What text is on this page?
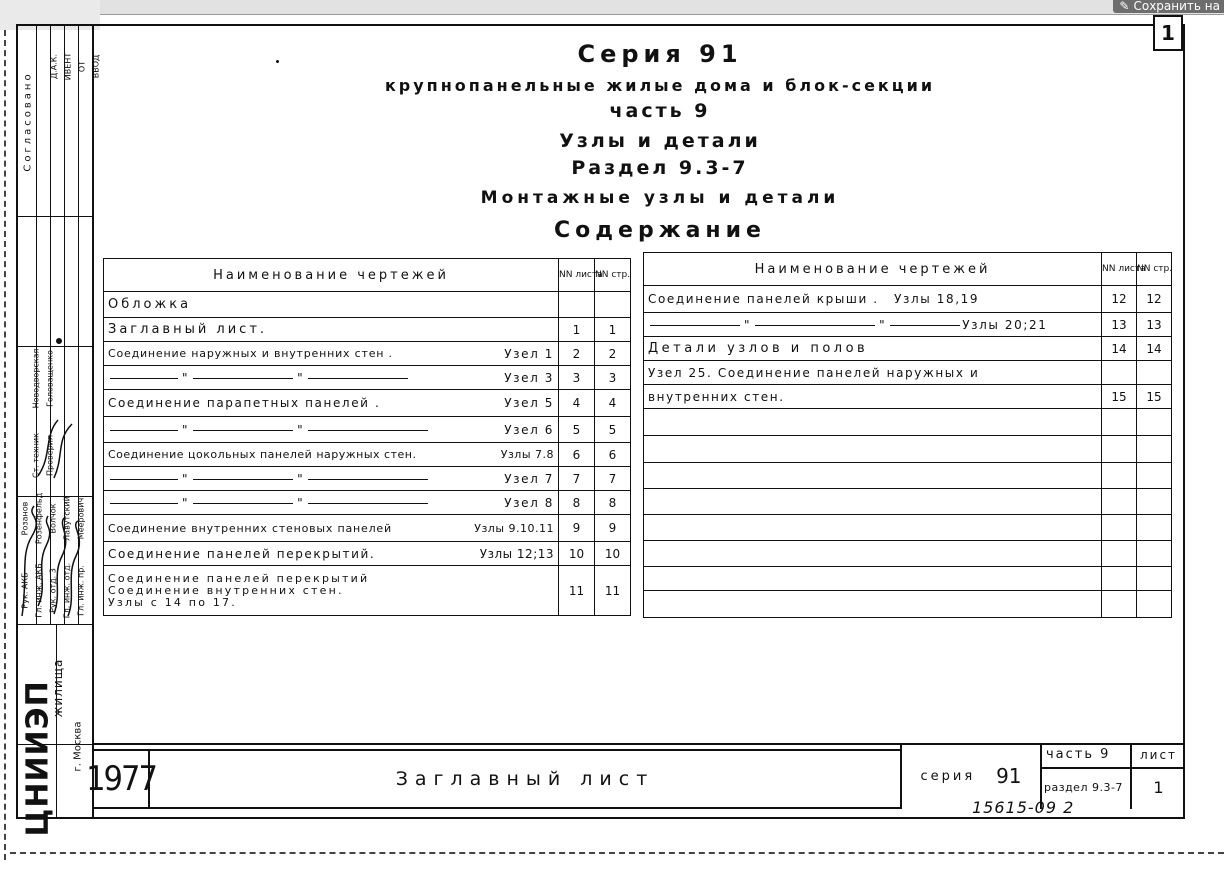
✎ Сохранить на
1
Согласовано
Д.А.К. ИВЕНТ ОТ ВВОД
Ст. техник Проверил
Новодворская Головащенко
Рук. АКБ Гл. инж. АКБ Рук. отд. 3 Гл. инж. отд. Гл. инж. пр.
Розанов Розенфельд Волчок Лавутский Меерович
ЦНИИЭП
жилища
г. Москва
Серия 91
крупнопанельные жилые дома и блок-секции
часть 9
Узлы и детали
Раздел 9.3-7
Монтажные узлы и детали
Содержание
Наименование чертежей	NN листа	NN стр.
Обложка		
Заглавный лист.	1	1

Соединение наружных и внутренних стен . Узел 1	2	2

" " Узел 3	3	3

Соединение парапетных панелей . Узел 5	4	4

" " Узел 6	5	5

Соединение цокольных панелей наружных стен. Узлы 7.8	6	6

" " Узел 7	7	7

" " Узел 8	8	8

Соединение внутренних стеновых панелей Узлы 9.10.11	9	9

Соединение панелей перекрытий. Узлы 12;13	10	10

Соединение панелей перекрытий
Соединение внутренних стен.
Узлы с 14 по 17.	11	11
Наименование чертежей	NN листа	NN стр.
Соединение панелей крыши . Узлы 18,19	12	12
" " Узлы 20;21	13	13
Детали узлов и полов	14	14
Узел 25. Соединение панелей наружных и		
внутренних стен.	15	15

1977	Заглавный лист	серия 91
часть 9
раздел 9.3-7
лист
1
15615-09 2
